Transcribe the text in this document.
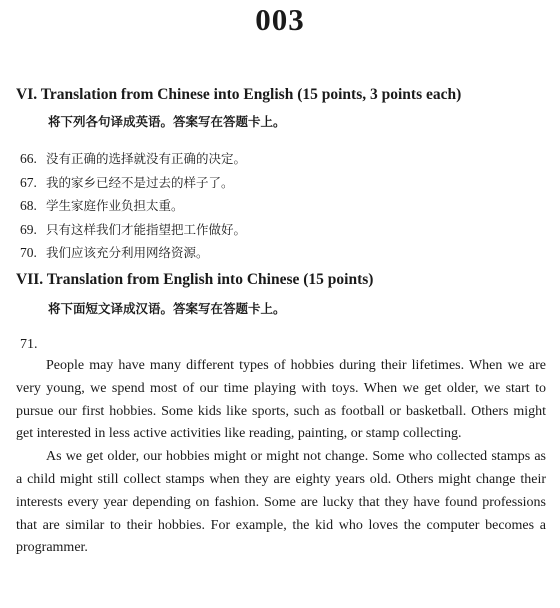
003
VI. Translation from Chinese into English (15 points, 3 points each)
将下列各句译成英语。答案写在答题卡上。
66. 没有正确的选择就没有正确的决定。
67. 我的家乡已经不是过去的样子了。
68. 学生家庭作业负担太重。
69. 只有这样我们才能指望把工作做好。
70. 我们应该充分利用网络资源。
VII. Translation from English into Chinese (15 points)
将下面短文译成汉语。答案写在答题卡上。
71.

People may have many different types of hobbies during their lifetimes. When we are very young, we spend most of our time playing with toys. When we get older, we start to pursue our first hobbies. Some kids like sports, such as football or basketball. Others might get interested in less active activities like reading, painting, or stamp collecting.

As we get older, our hobbies might or might not change. Some who collected stamps as a child might still collect stamps when they are eighty years old. Others might change their interests every year depending on fashion. Some are lucky that they have found professions that are similar to their hobbies. For example, the kid who loves the computer becomes a programmer.
